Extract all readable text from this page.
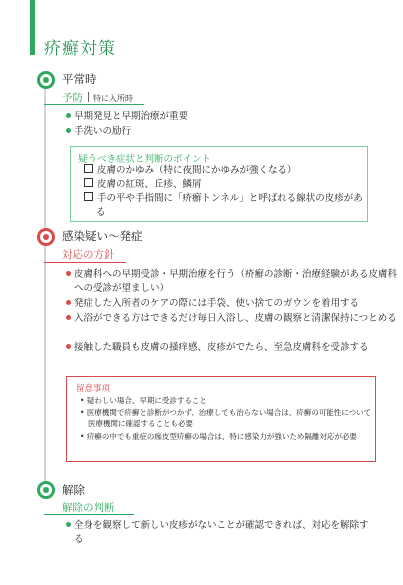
疥癬対策
平常時
予防 特に入所時
早期発見と早期治療が重要
手洗いの励行
疑うべき症状と判断のポイント
皮膚のかゆみ（特に夜間にかゆみが強くなる）
皮膚の紅斑、丘疹、鱗屑
手の平や手指間に「疥癬トンネル」と呼ばれる線状の皮疹がある
感染疑い〜発症
対応の方針
皮膚科への早期受診・早期治療を行う（疥癬の診断・治療経験がある皮膚科への受診が望ましい）
発症した入所者のケアの際には手袋、使い捨てのガウンを着用する
入浴ができる方はできるだけ毎日入浴し、皮膚の観察と清潔保持につとめる
接触した職員も皮膚の掻痒感、皮疹がでたら、至急皮膚科を受診する
留意事項
• 疑わしい場合、早期に受診すること
• 医療機関で疥癬と診断がつかず、治療しても治らない場合は、疥癬の可能性について医療機関に確認することも必要
• 疥癬の中でも重症の痂皮型疥癬の場合は、特に感染力が強いため隔離対応が必要
解除
解除の判断
全身を観察して新しい皮疹がないことが確認できれば、対応を解除する
